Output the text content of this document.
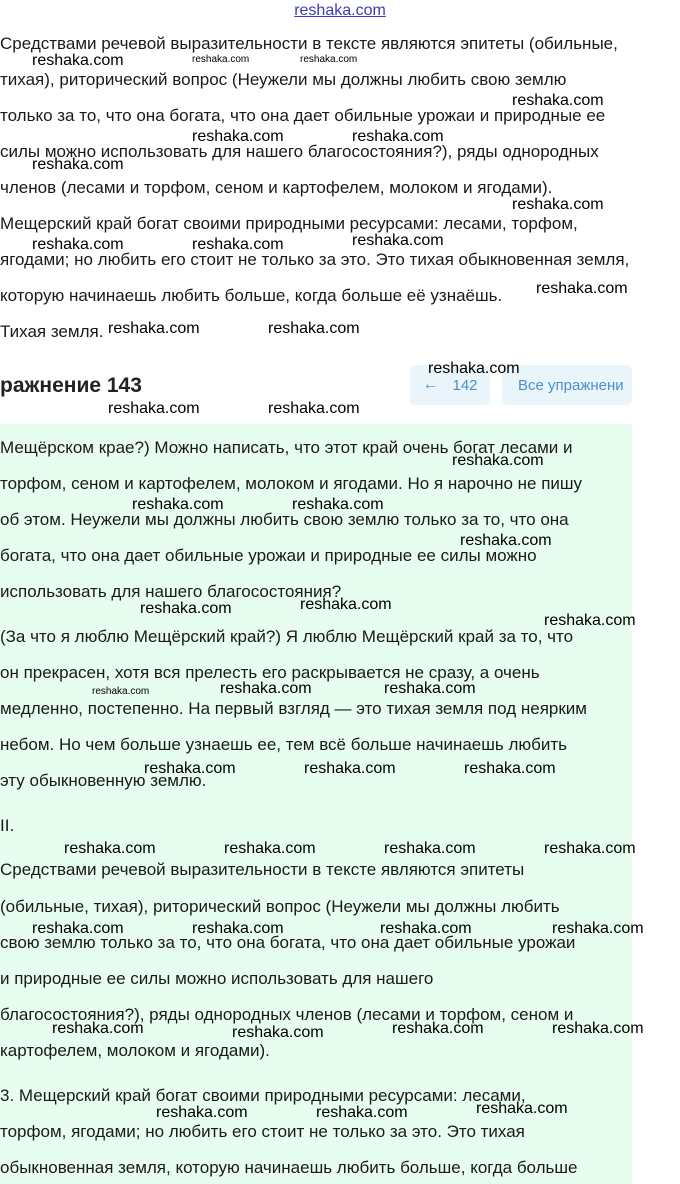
reshaka.com
Средствами речевой выразительности в тексте являются эпитеты (обильные,
тихая), риторический вопрос (Неужели мы должны любить свою землю
только за то, что она богата, что она дает обильные урожаи и природные ее
силы можно использовать для нашего благосостояния?), ряды однородных
членов (лесами и торфом, сеном и картофелем, молоком и ягодами).
Мещерский край богат своими природными ресурсами: лесами, торфом,
ягодами; но любить его стоит не только за это. Это тихая обыкновенная земля,
которую начинаешь любить больше, когда больше её узнаёшь.
Тихая земля.
ражнение 143	← 142	Все упражнени
Мещёрском крае?) Можно написать, что этот край очень богат лесами и
торфом, сеном и картофелем, молоком и ягодами. Но я нарочно не пишу
об этом. Неужели мы должны любить свою землю только за то, что она
богата, что она дает обильные урожаи и природные ее силы можно
использовать для нашего благосостояния?
(За что я люблю Мещёрский край?) Я люблю Мещёрский край за то, что
он прекрасен, хотя вся прелесть его раскрывается не сразу, а очень
медленно, постепенно. На первый взгляд — это тихая земля под неярким
небом. Но чем больше узнаешь ее, тем всё больше начинаешь любить
эту обыкновенную землю.
II.
Средствами речевой выразительности в тексте являются эпитеты
(обильные, тихая), риторический вопрос (Неужели мы должны любить
свою землю только за то, что она богата, что она дает обильные урожаи
и природные ее силы можно использовать для нашего
благосостояния?), ряды однородных членов (лесами и торфом, сеном и
картофелем, молоком и ягодами).
3. Мещерский край богат своими природными ресурсами: лесами,
торфом, ягодами; но любить его стоит не только за это. Это тихая
обыкновенная земля, которую начинаешь любить больше, когда больше
reshaka.com	reshaka.com	reshaka.com
reshaka.com
reshaka.com	reshaka.com
reshaka.com
reshaka.com
reshaka.com
reshaka.com	reshaka.com
reshaka.com
reshaka.com	reshaka.com
reshaka.com
reshaka.com	reshaka.com
reshaka.com
reshaka.com	reshaka.com
reshaka.com
reshaka.com
reshaka.com
reshaka.com
reshaka.com	reshaka.com	reshaka.com
reshaka.com	reshaka.com	reshaka.com
reshaka.com	reshaka.com	reshaka.com	reshaka.com
reshaka.com	reshaka.com	reshaka.com	reshaka.com
reshaka.com	reshaka.com	reshaka.com	reshaka.com
reshaka.com
reshaka.com	reshaka.com
